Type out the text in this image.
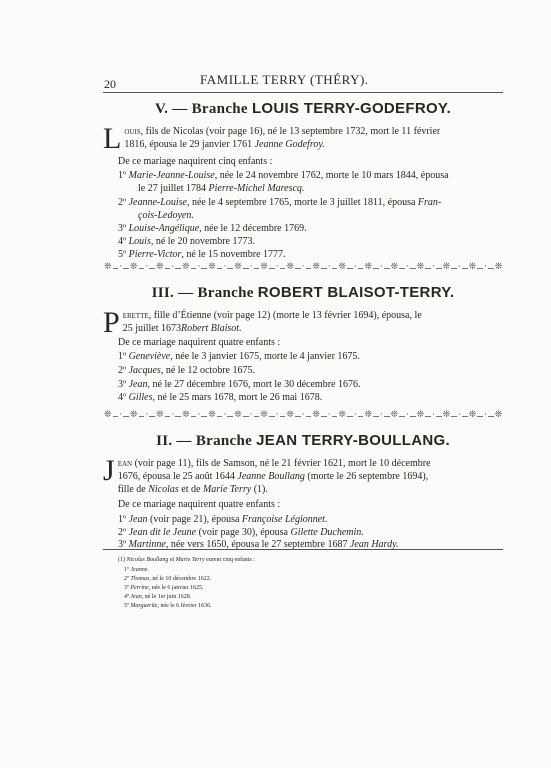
20	FAMILLE TERRY (THÉRY).
V. — Branche LOUIS TERRY-GODEFROY.
L ouis, fils de Nicolas (voir page 16), né le 13 septembre 1732, mort le 11 février
1816, épousa le 29 janvier 1761 Jeanne Godefroy.
De ce mariage naquirent cinq enfants :
1º Marie-Jeanne-Louise, née le 24 novembre 1762, morte le 10 mars 1844, épousa
le 27 juillet 1784 Pierre-Michel Marescq.
2º Jeanne-Louise, née le 4 septembre 1765, morte le 3 juillet 1811, épousa Fran-
çois-Ledoyen.
3º Louise-Angélique, née le 12 décembre 1769.
4º Louis, né le 20 novembre 1773.
5º Pierre-Victor, né le 15 novembre 1777.
❊ · ❊ · ❊ · ❊ · ❊ · ❊ · ❊ · ❊ · ❊ · ❊ · ❊ · ❊ · ❊ · ❊ · ❊ · ❊
III. — Branche ROBERT BLAISOT-TERRY.
P erette, fille d’Étienne (voir page 12) (morte le 13 février 1694), épousa, le
25 juillet 1673Robert Blaisot.
De ce mariage naquirent quatre enfants :
1º Geneviève, née le 3 janvier 1675, morte le 4 janvier 1675.
2º Jacques, né le 12 octobre 1675.
3º Jean, né le 27 décembre 1676, mort le 30 décembre 1676.
4º Gilles, né le 25 mars 1678, mort le 26 mai 1678.
❊ · ❊ · ❊ · ❊ · ❊ · ❊ · ❊ · ❊ · ❊ · ❊ · ❊ · ❊ · ❊ · ❊ · ❊ · ❊
II. — Branche JEAN TERRY-BOULLANG.
J ean (voir page 11), fils de Samson, né le 21 février 1621, mort le 10 décembre
1676, épousa le 25 août 1644 Jeanne Boullang (morte le 26 septembre 1694),
fille de Nicolas et de Marie Terry (1).
De ce mariage naquirent quatre enfants :
1º Jean (voir page 21), épousa Françoise Légionnet.
2º Jean dit le Jeune (voir page 30), épousa Gilette Duchemin.
3º Martinne, née vers 1650, épousa le 27 septembre 1687 Jean Hardy.
(1) Nicolas Boullang et Marie Terry eurent cinq enfants :
1º Jeanne.
2º Thomas, né le 10 décembre 1622.
3º Perrine, née le 6 janvier 1625.
4º Jean, né le 1er juin 1628.
5º Marguerite, née le 6 février 1636.
